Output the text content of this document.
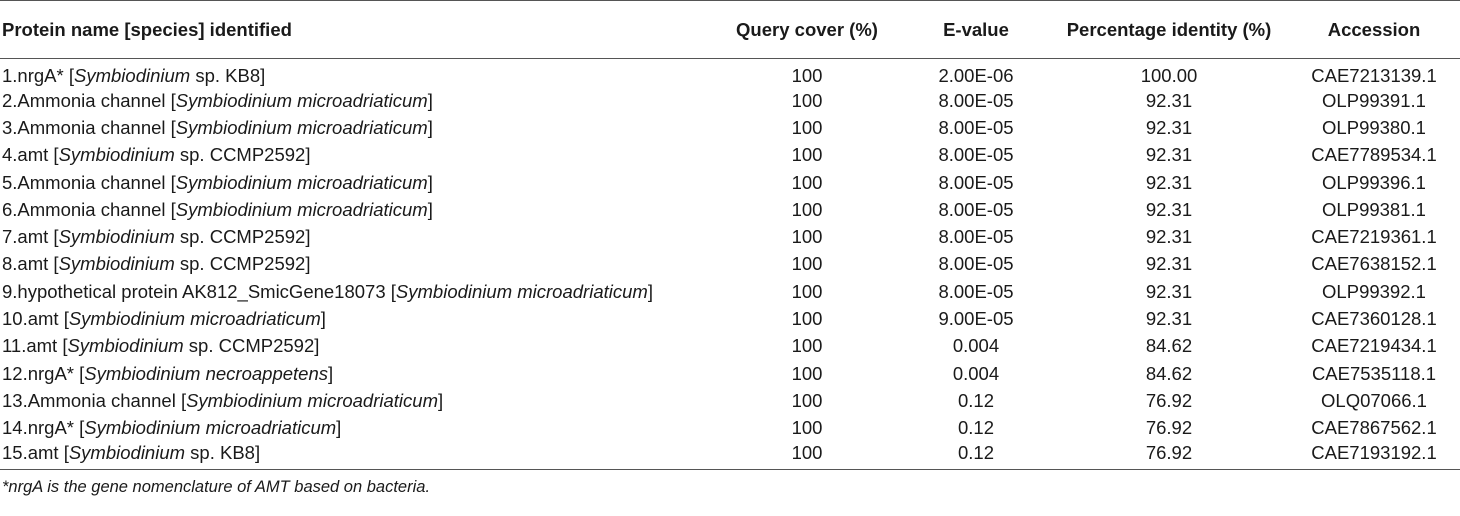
Protein name [species] identified	Query cover (%)	E-value	Percentage identity (%)	Accession
1.nrgA* [Symbiodinium sp. KB8]	100	2.00E-06	100.00	CAE7213139.1
2.Ammonia channel [Symbiodinium microadriaticum]	100	8.00E-05	92.31	OLP99391.1
3.Ammonia channel [Symbiodinium microadriaticum]	100	8.00E-05	92.31	OLP99380.1
4.amt [Symbiodinium sp. CCMP2592]	100	8.00E-05	92.31	CAE7789534.1
5.Ammonia channel [Symbiodinium microadriaticum]	100	8.00E-05	92.31	OLP99396.1
6.Ammonia channel [Symbiodinium microadriaticum]	100	8.00E-05	92.31	OLP99381.1
7.amt [Symbiodinium sp. CCMP2592]	100	8.00E-05	92.31	CAE7219361.1
8.amt [Symbiodinium sp. CCMP2592]	100	8.00E-05	92.31	CAE7638152.1
9.hypothetical protein AK812_SmicGene18073 [Symbiodinium microadriaticum]	100	8.00E-05	92.31	OLP99392.1
10.amt [Symbiodinium microadriaticum]	100	9.00E-05	92.31	CAE7360128.1
11.amt [Symbiodinium sp. CCMP2592]	100	0.004	84.62	CAE7219434.1
12.nrgA* [Symbiodinium necroappetens]	100	0.004	84.62	CAE7535118.1
13.Ammonia channel [Symbiodinium microadriaticum]	100	0.12	76.92	OLQ07066.1
14.nrgA* [Symbiodinium microadriaticum]	100	0.12	76.92	CAE7867562.1
15.amt [Symbiodinium sp. KB8]	100	0.12	76.92	CAE7193192.1
*nrgA is the gene nomenclature of AMT based on bacteria.
